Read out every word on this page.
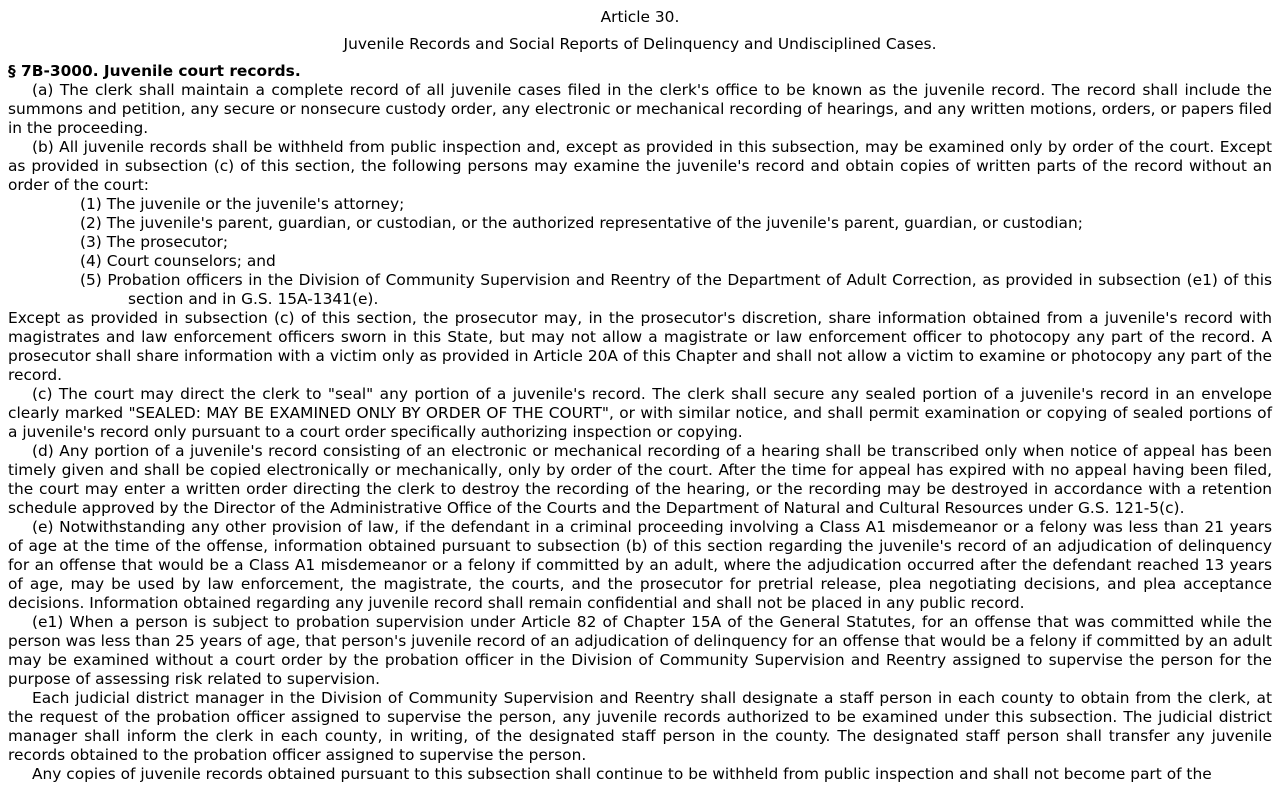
Article 30.
Juvenile Records and Social Reports of Delinquency and Undisciplined Cases.
§ 7B-3000. Juvenile court records.

(a) The clerk shall maintain a complete record of all juvenile cases filed in the clerk's office to be known as the juvenile record. The record shall include the summons and petition, any secure or nonsecure custody order, any electronic or mechanical recording of hearings, and any written motions, orders, or papers filed in the proceeding.

(b) All juvenile records shall be withheld from public inspection and, except as provided in this subsection, may be examined only by order of the court. Except as provided in subsection (c) of this section, the following persons may examine the juvenile's record and obtain copies of written parts of the record without an order of the court:

(1) The juvenile or the juvenile's attorney;
(2) The juvenile's parent, guardian, or custodian, or the authorized representative of the juvenile's parent, guardian, or custodian;
(3) The prosecutor;
(4) Court counselors; and
(5) Probation officers in the Division of Community Supervision and Reentry of the Department of Adult Correction, as provided in subsection (e1) of this section and in G.S. 15A-1341(e).

Except as provided in subsection (c) of this section, the prosecutor may, in the prosecutor's discretion, share information obtained from a juvenile's record with magistrates and law enforcement officers sworn in this State, but may not allow a magistrate or law enforcement officer to photocopy any part of the record. A prosecutor shall share information with a victim only as provided in Article 20A of this Chapter and shall not allow a victim to examine or photocopy any part of the record.

(c) The court may direct the clerk to "seal" any portion of a juvenile's record. The clerk shall secure any sealed portion of a juvenile's record in an envelope clearly marked "SEALED: MAY BE EXAMINED ONLY BY ORDER OF THE COURT", or with similar notice, and shall permit examination or copying of sealed portions of a juvenile's record only pursuant to a court order specifically authorizing inspection or copying.

(d) Any portion of a juvenile's record consisting of an electronic or mechanical recording of a hearing shall be transcribed only when notice of appeal has been timely given and shall be copied electronically or mechanically, only by order of the court. After the time for appeal has expired with no appeal having been filed, the court may enter a written order directing the clerk to destroy the recording of the hearing, or the recording may be destroyed in accordance with a retention schedule approved by the Director of the Administrative Office of the Courts and the Department of Natural and Cultural Resources under G.S. 121-5(c).

(e) Notwithstanding any other provision of law, if the defendant in a criminal proceeding involving a Class A1 misdemeanor or a felony was less than 21 years of age at the time of the offense, information obtained pursuant to subsection (b) of this section regarding the juvenile's record of an adjudication of delinquency for an offense that would be a Class A1 misdemeanor or a felony if committed by an adult, where the adjudication occurred after the defendant reached 13 years of age, may be used by law enforcement, the magistrate, the courts, and the prosecutor for pretrial release, plea negotiating decisions, and plea acceptance decisions. Information obtained regarding any juvenile record shall remain confidential and shall not be placed in any public record.

(e1) When a person is subject to probation supervision under Article 82 of Chapter 15A of the General Statutes, for an offense that was committed while the person was less than 25 years of age, that person's juvenile record of an adjudication of delinquency for an offense that would be a felony if committed by an adult may be examined without a court order by the probation officer in the Division of Community Supervision and Reentry assigned to supervise the person for the purpose of assessing risk related to supervision.

Each judicial district manager in the Division of Community Supervision and Reentry shall designate a staff person in each county to obtain from the clerk, at the request of the probation officer assigned to supervise the person, any juvenile records authorized to be examined under this subsection. The judicial district manager shall inform the clerk in each county, in writing, of the designated staff person in the county. The designated staff person shall transfer any juvenile records obtained to the probation officer assigned to supervise the person.

Any copies of juvenile records obtained pursuant to this subsection shall continue to be withheld from public inspection and shall not become part of the
